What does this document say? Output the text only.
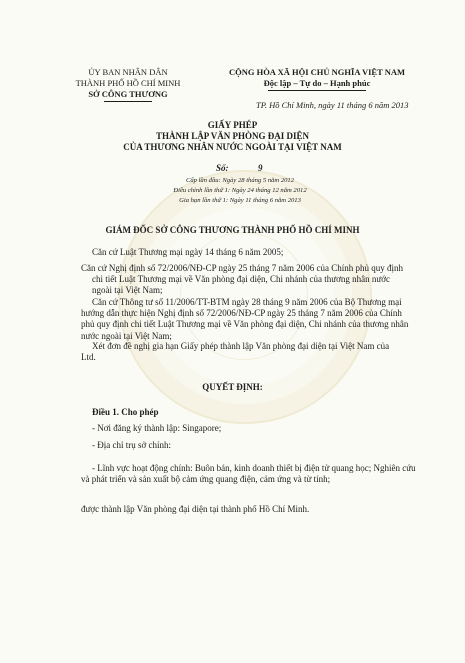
ỦY BAN NHÂN DÂN
THÀNH PHỐ HỒ CHÍ MINH
SỞ CÔNG THƯƠNG
CỘNG HÒA XÃ HỘI CHỦ NGHĨA VIỆT NAM
Độc lập – Tự do – Hạnh phúc
TP. Hồ Chí Minh, ngày 11 tháng 6 năm 2013
GIẤY PHÉP
THÀNH LẬP VĂN PHÒNG ĐẠI DIỆN
CỦA THƯƠNG NHÂN NƯỚC NGOÀI TẠI VIỆT NAM
Số:	9
Cấp lần đầu: Ngày 28 tháng 5 năm 2012
Điều chỉnh lần thứ 1: Ngày 24 tháng 12 năm 2012
Gia hạn lần thứ 1: Ngày 11 tháng 6 năm 2013
GIÁM ĐỐC SỞ CÔNG THƯƠNG THÀNH PHỐ HỒ CHÍ MINH
Căn cứ Luật Thương mại ngày 14 tháng 6 năm 2005;
Căn cứ Nghị định số 72/2006/NĐ-CP ngày 25 tháng 7 năm 2006 của Chính phủ quy định chi tiết Luật Thương mại về Văn phòng đại diện, Chi nhánh của thương nhân nước ngoài tại Việt Nam;
Căn cứ Thông tư số 11/2006/TT-BTM ngày 28 tháng 9 năm 2006 của Bộ Thương mại hướng dẫn thực hiện Nghị định số 72/2006/NĐ-CP ngày 25 tháng 7 năm 2006 của Chính phủ quy định chi tiết Luật Thương mại về Văn phòng đại diện, Chi nhánh của thương nhân nước ngoài tại Việt Nam;
Xét đơn đề nghị gia hạn Giấy phép thành lập Văn phòng đại diện tại Việt Nam của
Ltd.
QUYẾT ĐỊNH:
Điều 1. Cho phép
- Nơi đăng ký thành lập: Singapore;
- Địa chỉ trụ sở chính:
- Lĩnh vực hoạt động chính: Buôn bán, kinh doanh thiết bị điện tử quang học; Nghiên cứu và phát triển và sản xuất bộ cảm ứng quang điện, cảm ứng và từ tính;
được thành lập Văn phòng đại diện tại thành phố Hồ Chí Minh.
